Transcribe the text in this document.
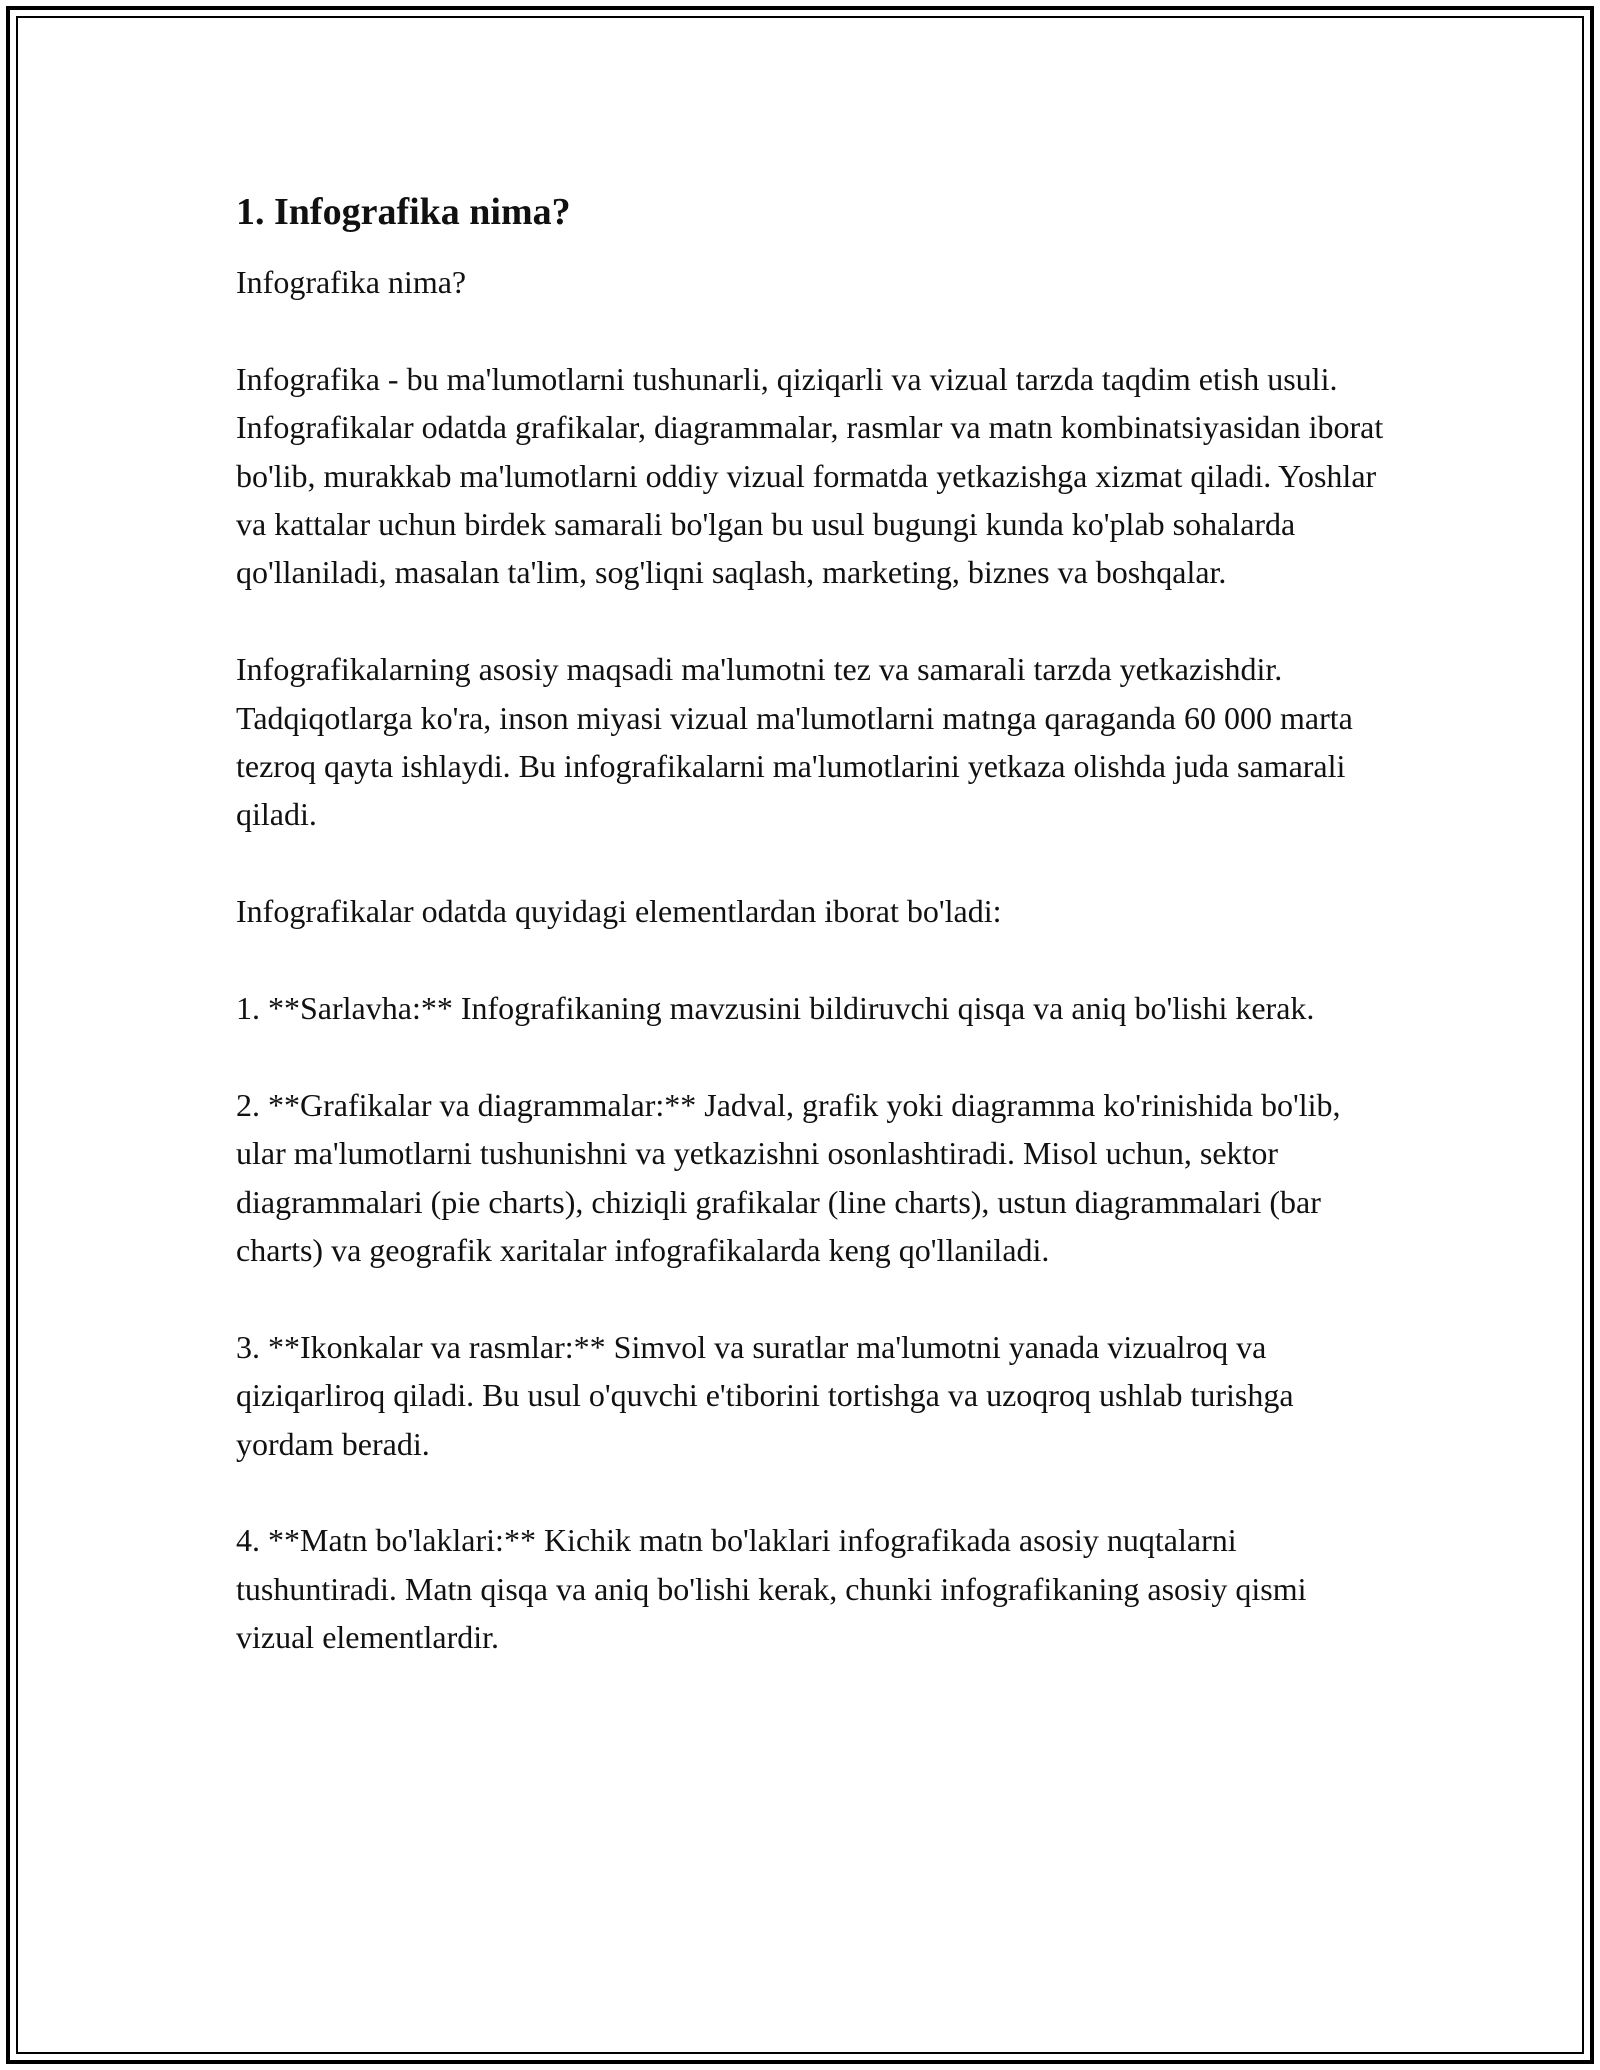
1. Infografika nima?

Infografika nima?

Infografika - bu ma'lumotlarni tushunarli, qiziqarli va vizual tarzda taqdim etish usuli. Infografikalar odatda grafikalar, diagrammalar, rasmlar va matn kombinatsiyasidan iborat bo'lib, murakkab ma'lumotlarni oddiy vizual formatda yetkazishga xizmat qiladi. Yoshlar va kattalar uchun birdek samarali bo'lgan bu usul bugungi kunda ko'plab sohalarda qo'llaniladi, masalan ta'lim, sog'liqni saqlash, marketing, biznes va boshqalar.

Infografikalarning asosiy maqsadi ma'lumotni tez va samarali tarzda yetkazishdir. Tadqiqotlarga ko'ra, inson miyasi vizual ma'lumotlarni matnga qaraganda 60 000 marta tezroq qayta ishlaydi. Bu infografikalarni ma'lumotlarini yetkaza olishda juda samarali qiladi.

Infografikalar odatda quyidagi elementlardan iborat bo'ladi:

1. **Sarlavha:** Infografikaning mavzusini bildiruvchi qisqa va aniq bo'lishi kerak.

2. **Grafikalar va diagrammalar:** Jadval, grafik yoki diagramma ko'rinishida bo'lib, ular ma'lumotlarni tushunishni va yetkazishni osonlashtiradi. Misol uchun, sektor diagrammalari (pie charts), chiziqli grafikalar (line charts), ustun diagrammalari (bar charts) va geografik xaritalar infografikalarda keng qo'llaniladi.

3. **Ikonkalar va rasmlar:** Simvol va suratlar ma'lumotni yanada vizualroq va qiziqarliroq qiladi. Bu usul o'quvchi e'tiborini tortishga va uzoqroq ushlab turishga yordam beradi.

4. **Matn bo'laklari:** Kichik matn bo'laklari infografikada asosiy nuqtalarni tushuntiradi. Matn qisqa va aniq bo'lishi kerak, chunki infografikaning asosiy qismi vizual elementlardir.
